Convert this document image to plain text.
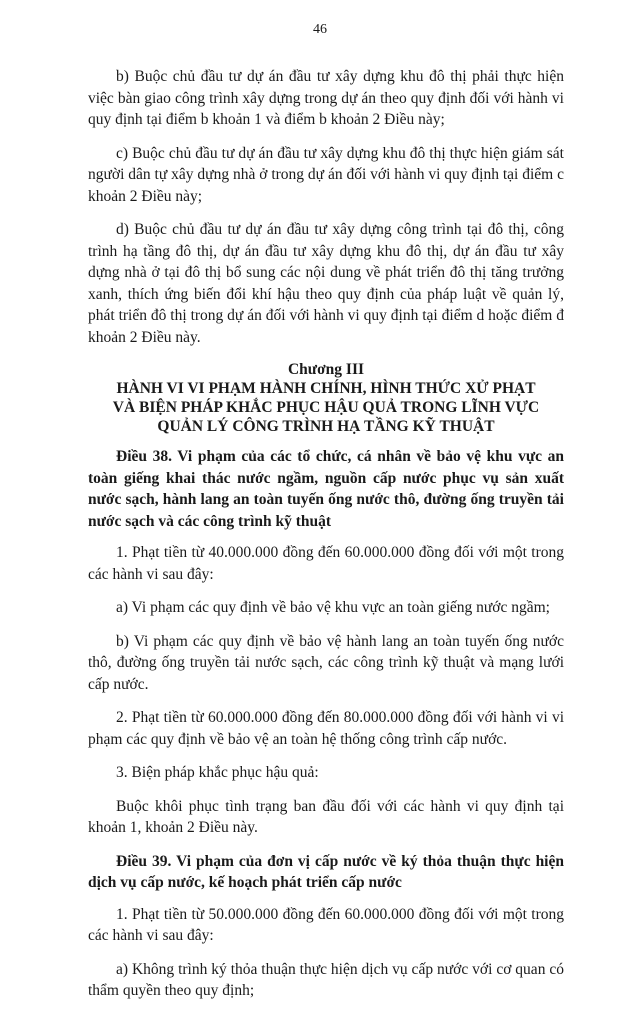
46

b) Buộc chủ đầu tư dự án đầu tư xây dựng khu đô thị phải thực hiện việc bàn giao công trình xây dựng trong dự án theo quy định đối với hành vi quy định tại điểm b khoản 1 và điểm b khoản 2 Điều này;

c) Buộc chủ đầu tư dự án đầu tư xây dựng khu đô thị thực hiện giám sát người dân tự xây dựng nhà ở trong dự án đối với hành vi quy định tại điểm c khoản 2 Điều này;

d) Buộc chủ đầu tư dự án đầu tư xây dựng công trình tại đô thị, công trình hạ tầng đô thị, dự án đầu tư xây dựng khu đô thị, dự án đầu tư xây dựng nhà ở tại đô thị bổ sung các nội dung về phát triển đô thị tăng trưởng xanh, thích ứng biến đổi khí hậu theo quy định của pháp luật về quản lý, phát triển đô thị trong dự án đối với hành vi quy định tại điểm d hoặc điểm đ khoản 2 Điều này.

Chương III
HÀNH VI VI PHẠM HÀNH CHÍNH, HÌNH THỨC XỬ PHẠT
VÀ BIỆN PHÁP KHẮC PHỤC HẬU QUẢ TRONG LĨNH VỰC
QUẢN LÝ CÔNG TRÌNH HẠ TẦNG KỸ THUẬT

Điều 38. Vi phạm của các tổ chức, cá nhân về bảo vệ khu vực an toàn giếng khai thác nước ngầm, nguồn cấp nước phục vụ sản xuất nước sạch, hành lang an toàn tuyến ống nước thô, đường ống truyền tải nước sạch và các công trình kỹ thuật

1. Phạt tiền từ 40.000.000 đồng đến 60.000.000 đồng đối với một trong các hành vi sau đây:

a) Vi phạm các quy định về bảo vệ khu vực an toàn giếng nước ngầm;

b) Vi phạm các quy định về bảo vệ hành lang an toàn tuyến ống nước thô, đường ống truyền tải nước sạch, các công trình kỹ thuật và mạng lưới cấp nước.

2. Phạt tiền từ 60.000.000 đồng đến 80.000.000 đồng đối với hành vi vi phạm các quy định về bảo vệ an toàn hệ thống công trình cấp nước.

3. Biện pháp khắc phục hậu quả:

Buộc khôi phục tình trạng ban đầu đối với các hành vi quy định tại khoản 1, khoản 2 Điều này.

Điều 39. Vi phạm của đơn vị cấp nước về ký thỏa thuận thực hiện dịch vụ cấp nước, kế hoạch phát triển cấp nước

1. Phạt tiền từ 50.000.000 đồng đến 60.000.000 đồng đối với một trong các hành vi sau đây:

a) Không trình ký thỏa thuận thực hiện dịch vụ cấp nước với cơ quan có thẩm quyền theo quy định;
